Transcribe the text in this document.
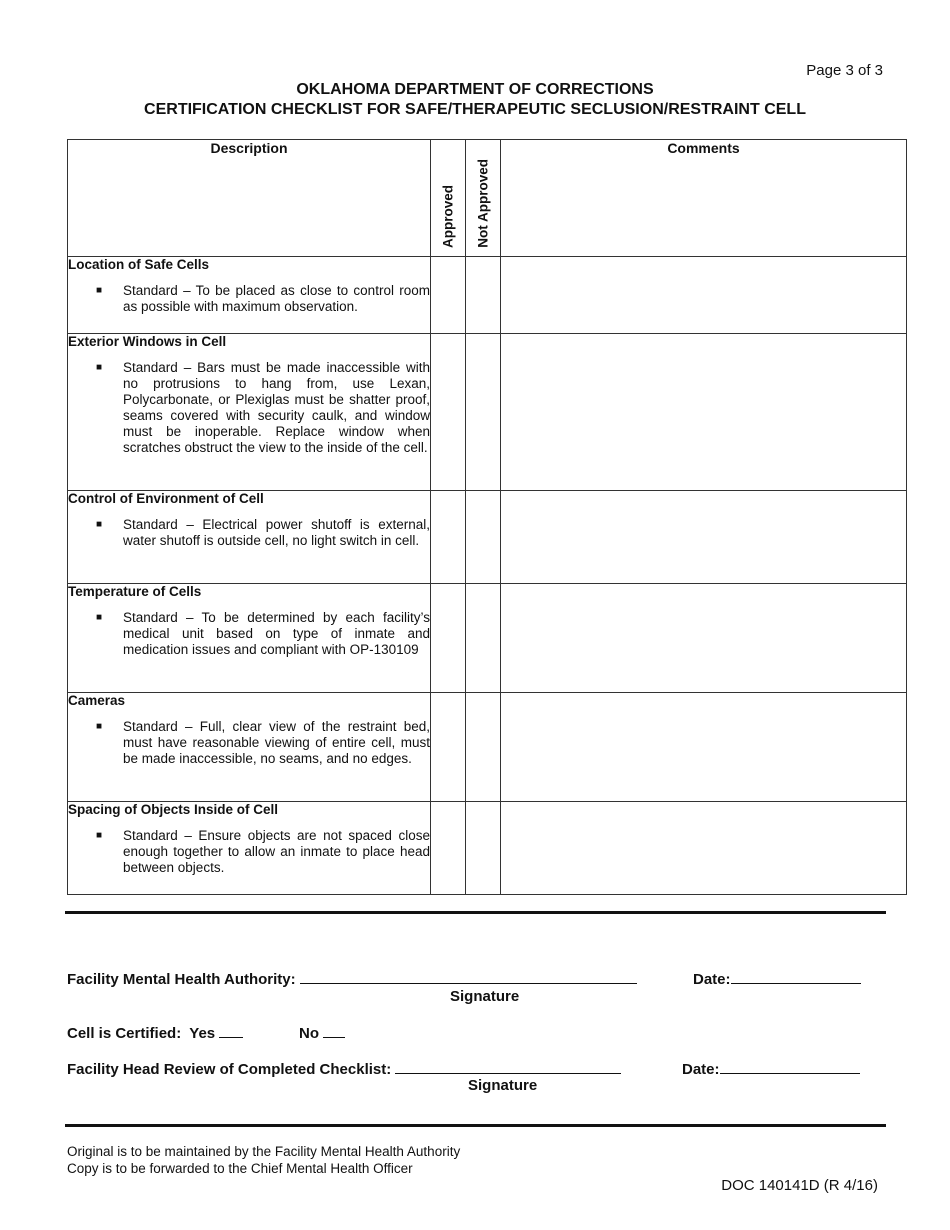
Page 3 of 3
OKLAHOMA DEPARTMENT OF CORRECTIONS
CERTIFICATION CHECKLIST FOR SAFE/THERAPEUTIC SECLUSION/RESTRAINT CELL
Description	Approved	Not Approved	Comments

Location of Safe Cells
■ Standard – To be placed as close to control room as possible with maximum observation.			

Exterior Windows in Cell
■ Standard – Bars must be made inaccessible with no protrusions to hang from, use Lexan, Polycarbonate, or Plexiglas must be shatter proof, seams covered with security caulk, and window must be inoperable. Replace window when scratches obstruct the view to the inside of the cell.			

Control of Environment of Cell
■ Standard – Electrical power shutoff is external, water shutoff is outside cell, no light switch in cell.			

Temperature of Cells
■ Standard – To be determined by each facility’s medical unit based on type of inmate and medication issues and compliant with OP-130109			

Cameras
■ Standard – Full, clear view of the restraint bed, must have reasonable viewing of entire cell, must be made inaccessible, no seams, and no edges.			

Spacing of Objects Inside of Cell
■ Standard – Ensure objects are not spaced close enough together to allow an inmate to place head between objects.			

Facility Mental Health Authority:
Signature
Date:
Cell is Certified: Yes	No
Facility Head Review of Completed Checklist:
Signature
Date:
Original is to be maintained by the Facility Mental Health Authority
Copy is to be forwarded to the Chief Mental Health Officer
DOC 140141D (R 4/16)
